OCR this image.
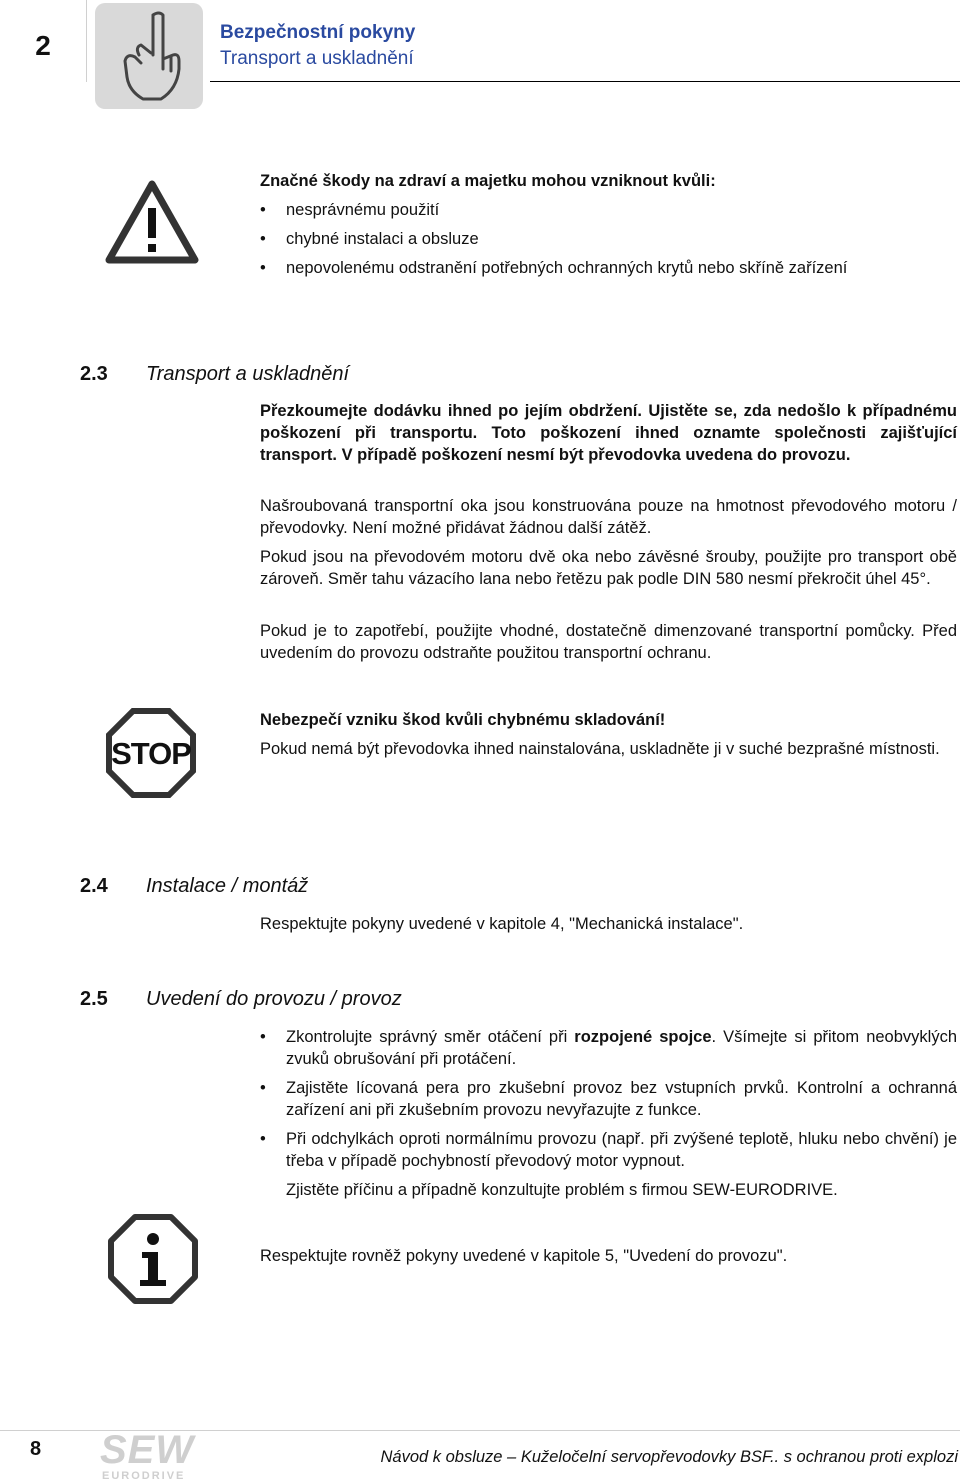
2	Bezpečnostní pokyny
Transport a uskladnění
Značné škody na zdraví a majetku mohou vzniknout kvůli:
• nesprávnému použití
• chybné instalaci a obsluze
• nepovolenému odstranění potřebných ochranných krytů nebo skříně zařízení
2.3 Transport a uskladnění
Přezkoumejte dodávku ihned po jejím obdržení. Ujistěte se, zda nedošlo k případnému poškození při transportu. Toto poškození ihned oznamte společnosti zajišťující transport. V případě poškození nesmí být převodovka uvedena do provozu.
Našroubovaná transportní oka jsou konstruována pouze na hmotnost převodového motoru / převodovky. Není možné přidávat žádnou další zátěž.
Pokud jsou na převodovém motoru dvě oka nebo závěsné šrouby, použijte pro transport obě zároveň. Směr tahu vázacího lana nebo řetězu pak podle DIN 580 nesmí překročit úhel 45°.
Pokud je to zapotřebí, použijte vhodné, dostatečně dimenzované transportní pomůcky. Před uvedením do provozu odstraňte použitou transportní ochranu.
STOP
Nebezpečí vzniku škod kvůli chybnému skladování!
Pokud nemá být převodovka ihned nainstalována, uskladněte ji v suché bezprašné místnosti.
2.4 Instalace / montáž
Respektujte pokyny uvedené v kapitole 4, "Mechanická instalace".
2.5 Uvedení do provozu / provoz
• Zkontrolujte správný směr otáčení při rozpojené spojce. Všímejte si přitom neobvyklých zvuků obrušování při protáčení.
• Zajistěte lícovaná pera pro zkušební provoz bez vstupních prvků. Kontrolní a ochranná zařízení ani při zkušebním provozu nevyřazujte z funkce.
• Při odchylkách oproti normálnímu provozu (např. při zvýšené teplotě, hluku nebo chvění) je třeba v případě pochybností převodový motor vypnout.
Zjistěte příčinu a případně konzultujte problém s firmou SEW-EURODRIVE.
Respektujte rovněž pokyny uvedené v kapitole 5, "Uvedení do provozu".
8 SEW
EURODRIVE
Návod k obsluze – Kuželočelní servopřevodovky BSF.. s ochranou proti explozi
